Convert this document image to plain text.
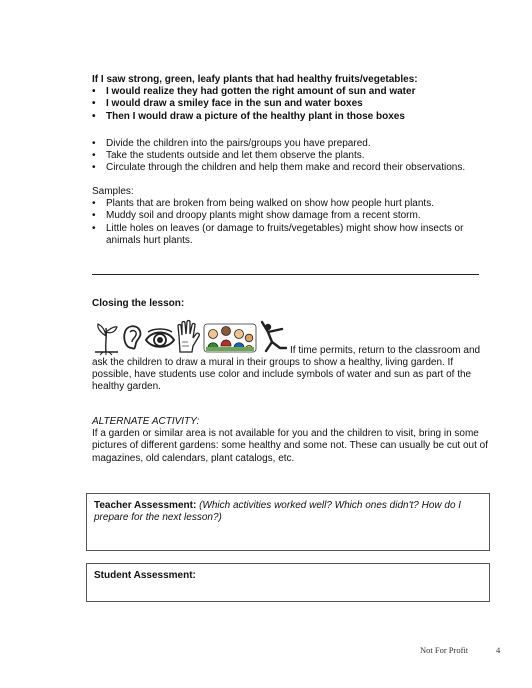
If I saw strong, green, leafy plants that had healthy fruits/vegetables:
• I would realize they had gotten the right amount of sun and water
• I would draw a smiley face in the sun and water boxes
• Then I would draw a picture of the healthy plant in those boxes
• Divide the children into the pairs/groups you have prepared.
• Take the students outside and let them observe the plants.
• Circulate through the children and help them make and record their observations.
Samples:
• Plants that are broken from being walked on show how people hurt plants.
• Muddy soil and droopy plants might show damage from a recent storm.
• Little holes on leaves (or damage to fruits/vegetables) might show how insects or animals hurt plants.
Closing the lesson:
If time permits, return to the classroom and
ask the children to draw a mural in their groups to show a healthy, living garden. If possible, have students use color and include symbols of water and sun as part of the healthy garden.
ALTERNATE ACTIVITY:
If a garden or similar area is not available for you and the children to visit, bring in some pictures of different gardens: some healthy and some not. These can usually be cut out of magazines, old calendars, plant catalogs, etc.
Teacher Assessment: (Which activities worked well? Which ones didn't? How do I prepare for the next lesson?)
Student Assessment:
Not For Profit	4
